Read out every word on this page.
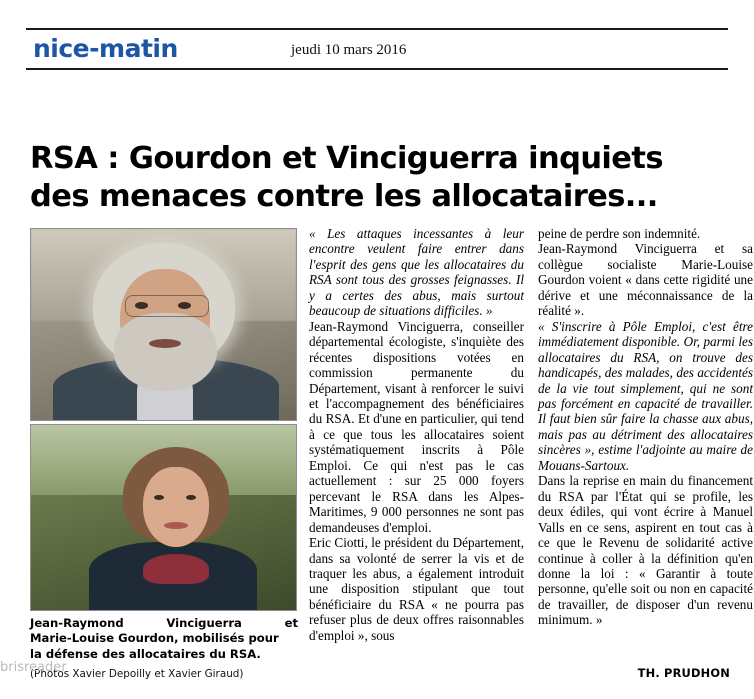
nice-matin	jeudi 10 mars 2016
RSA : Gourdon et Vinciguerra inquiets
des menaces contre les allocataires...
Jean-Raymond	Vinciguerra	et
Marie-Louise Gourdon, mobilisés pour
la défense des allocataires du RSA.
(Photos Xavier Depoilly et Xavier Giraud)

« Les attaques incessantes à leur encontre veulent faire entrer dans l'esprit des gens que les allocataires du RSA sont tous des grosses feignasses. Il y a certes des abus, mais surtout beaucoup de situations difficiles. »

Jean-Raymond Vinciguerra, conseiller départemental écologiste, s'inquiète des récentes dispositions votées en commission permanente du Département, visant à renforcer le suivi et l'accompagnement des bénéficiaires du RSA. Et d'une en particulier, qui tend à ce que tous les allocataires soient systématiquement inscrits à Pôle Emploi. Ce qui n'est pas le cas actuellement : sur 25 000 foyers percevant le RSA dans les Alpes-Maritimes, 9 000 personnes ne sont pas demandeuses d'emploi.

Eric Ciotti, le président du Département, dans sa volonté de serrer la vis et de traquer les abus, a également introduit une disposition stipulant que tout bénéficiaire du RSA « ne pourra pas refuser plus de deux offres raisonnables d'emploi », sous

peine de perdre son indemnité.

Jean-Raymond Vinciguerra et sa collègue socialiste Marie-Louise Gourdon voient « dans cette rigidité une dérive et une méconnaissance de la réalité ».

« S'inscrire à Pôle Emploi, c'est être immédiatement disponible. Or, parmi les allocataires du RSA, on trouve des handicapés, des malades, des accidentés de la vie tout simplement, qui ne sont pas forcément en capacité de travailler. Il faut bien sûr faire la chasse aux abus, mais pas au détriment des allocataires sincères », estime l'adjointe au maire de Mouans-Sartoux.

Dans la reprise en main du financement du RSA par l'État qui se profile, les deux édiles, qui vont écrire à Manuel Valls en ce sens, aspirent en tout cas à ce que le Revenu de solidarité active continue à coller à la définition qu'en donne la loi : « Garantir à toute personne, qu'elle soit ou non en capacité de travailler, de disposer d'un revenu minimum. »

TH. PRUDHON
brisreader
